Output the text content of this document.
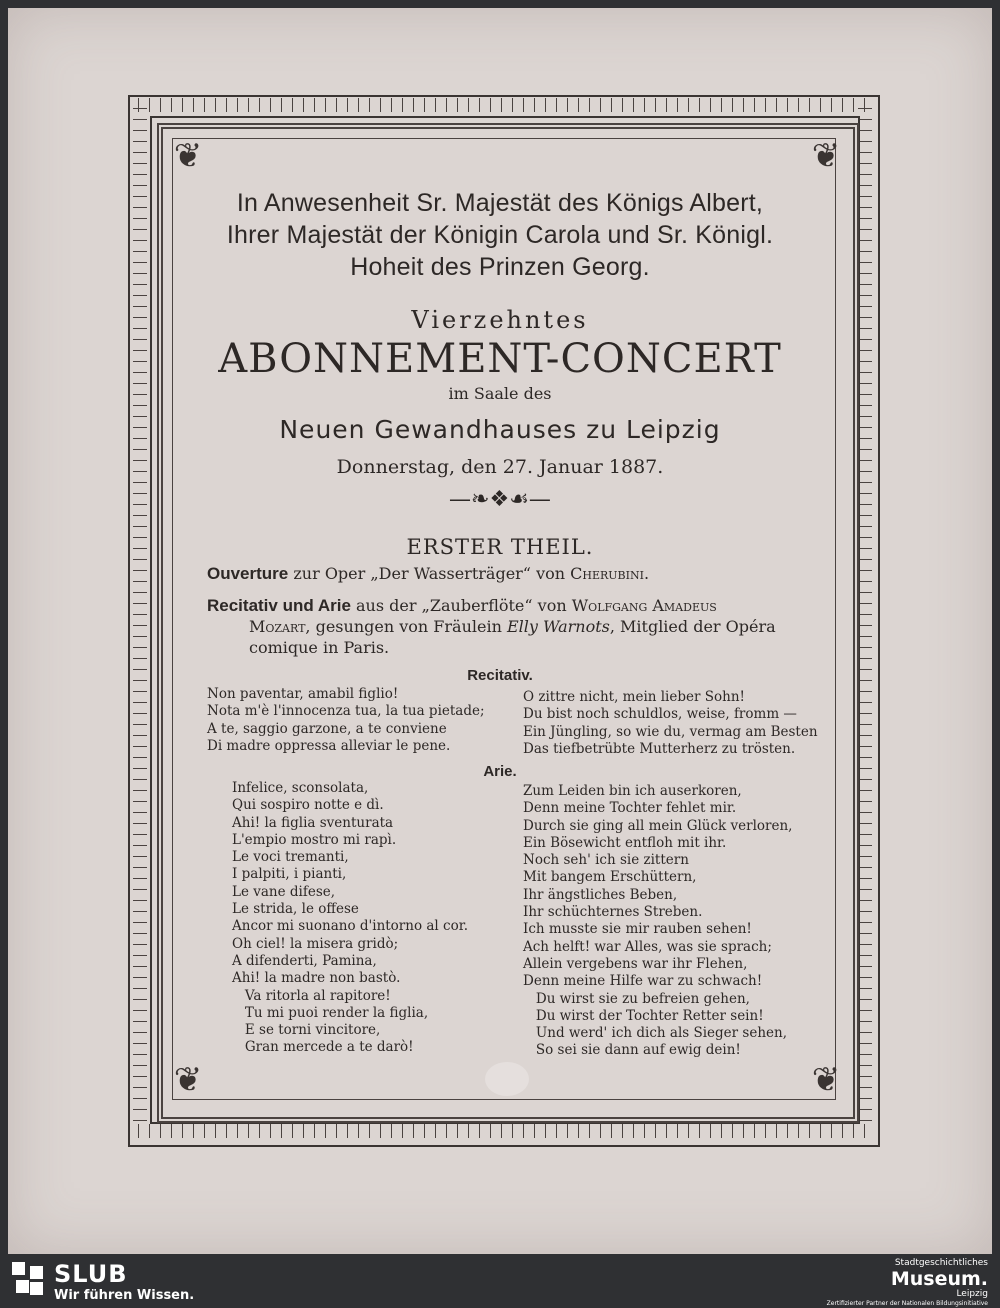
❦	❦
❦	❦
In Anwesenheit Sr. Majestät des Königs Albert,
Ihrer Majestät der Königin Carola und Sr. Königl.
Hoheit des Prinzen Georg.
Vierzehntes
ABONNEMENT-CONCERT
im Saale des
Neuen Gewandhauses zu Leipzig
Donnerstag, den 27. Januar 1887.
—❧❖☙—
ERSTER THEIL.
Ouverture zur Oper „Der Wasserträger“ von Cherubini.
Recitativ und Arie aus der „Zauberflöte“ von Wolfgang Amadeus
Mozart, gesungen von Fräulein Elly Warnots, Mitglied der Opéra
comique in Paris.
Recitativ.
Non paventar, amabil figlio!
Nota m'è l'innocenza tua, la tua pietade;
A te, saggio garzone, a te conviene
Di madre oppressa alleviar le pene.
O zittre nicht, mein lieber Sohn!
Du bist noch schuldlos, weise, fromm —
Ein Jüngling, so wie du, vermag am Besten
Das tiefbetrübte Mutterherz zu trösten.
Arie.
Infelice, sconsolata,
Qui sospiro notte e dì.
Ahi! la figlia sventurata
L'empio mostro mi rapì.
Le voci tremanti,
I palpiti, i pianti,
Le vane difese,
Le strida, le offese
Ancor mi suonano d'intorno al cor.
Oh ciel! la misera gridò;
A difenderti, Pamina,
Ahi! la madre non bastò.
Va ritorla al rapitore!
Tu mi puoi render la figlia,
E se torni vincitore,
Gran mercede a te darò!
Zum Leiden bin ich auserkoren,
Denn meine Tochter fehlet mir.
Durch sie ging all mein Glück verloren,
Ein Bösewicht entfloh mit ihr.
Noch seh' ich sie zittern
Mit bangem Erschüttern,
Ihr ängstliches Beben,
Ihr schüchternes Streben.
Ich musste sie mir rauben sehen!
Ach helft! war Alles, was sie sprach;
Allein vergebens war ihr Flehen,
Denn meine Hilfe war zu schwach!
Du wirst sie zu befreien gehen,
Du wirst der Tochter Retter sein!
Und werd' ich dich als Sieger sehen,
So sei sie dann auf ewig dein!
SLUB
Wir führen Wissen.
Stadtgeschichtliches
Museum.
Leipzig
Zertifizierter Partner der Nationalen Bildungsinitiative
